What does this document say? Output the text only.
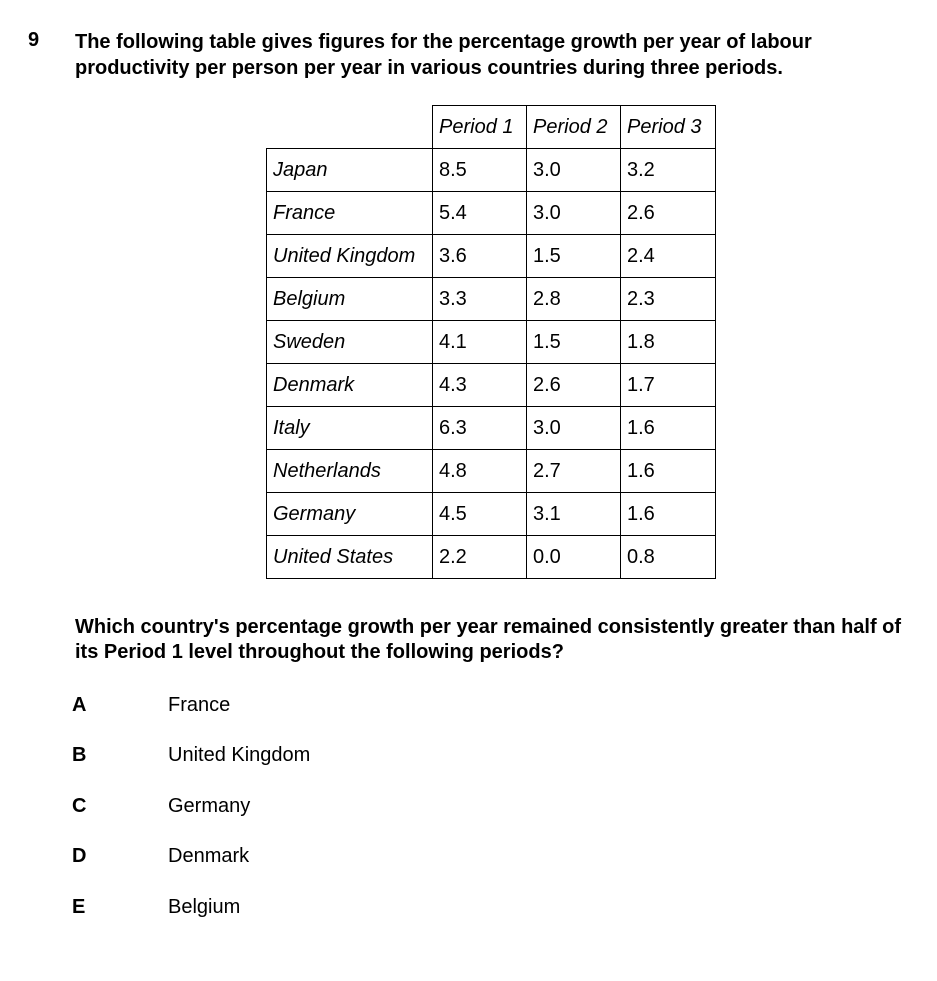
9 The following table gives figures for the percentage growth per year of labour productivity per person per year in various countries during three periods.
	Period 1	Period 2	Period 3
Japan	8.5	3.0	3.2
France	5.4	3.0	2.6
United Kingdom	3.6	1.5	2.4
Belgium	3.3	2.8	2.3
Sweden	4.1	1.5	1.8
Denmark	4.3	2.6	1.7
Italy	6.3	3.0	1.6
Netherlands	4.8	2.7	1.6
Germany	4.5	3.1	1.6
United States	2.2	0.0	0.8
Which country's percentage growth per year remained consistently greater than half of its Period 1 level throughout the following periods?
A	France
B	United Kingdom
C	Germany
D	Denmark
E	Belgium
